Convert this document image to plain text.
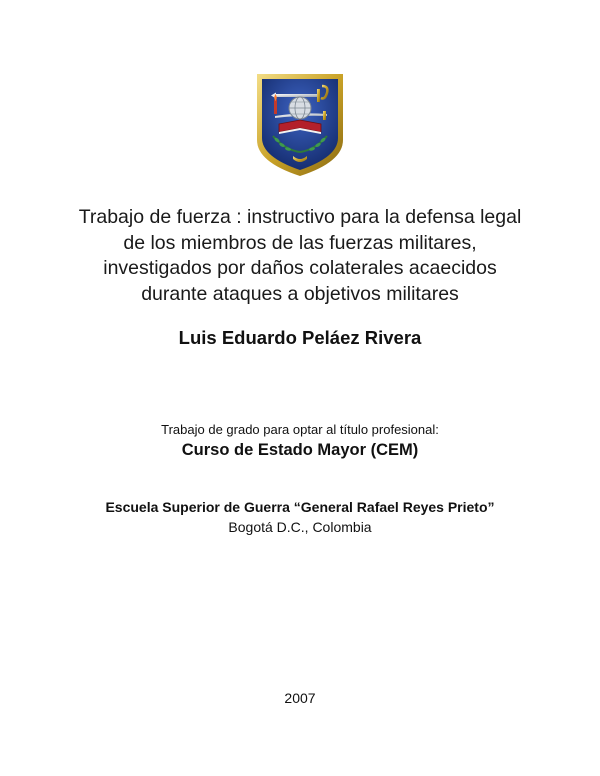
Trabajo de fuerza : instructivo para la defensa legal
de los miembros de las fuerzas militares,
investigados por daños colaterales acaecidos
durante ataques a objetivos militares
Luis Eduardo Peláez Rivera
Trabajo de grado para optar al título profesional:
Curso de Estado Mayor (CEM)
Escuela Superior de Guerra “General Rafael Reyes Prieto”
Bogotá D.C., Colombia
2007
